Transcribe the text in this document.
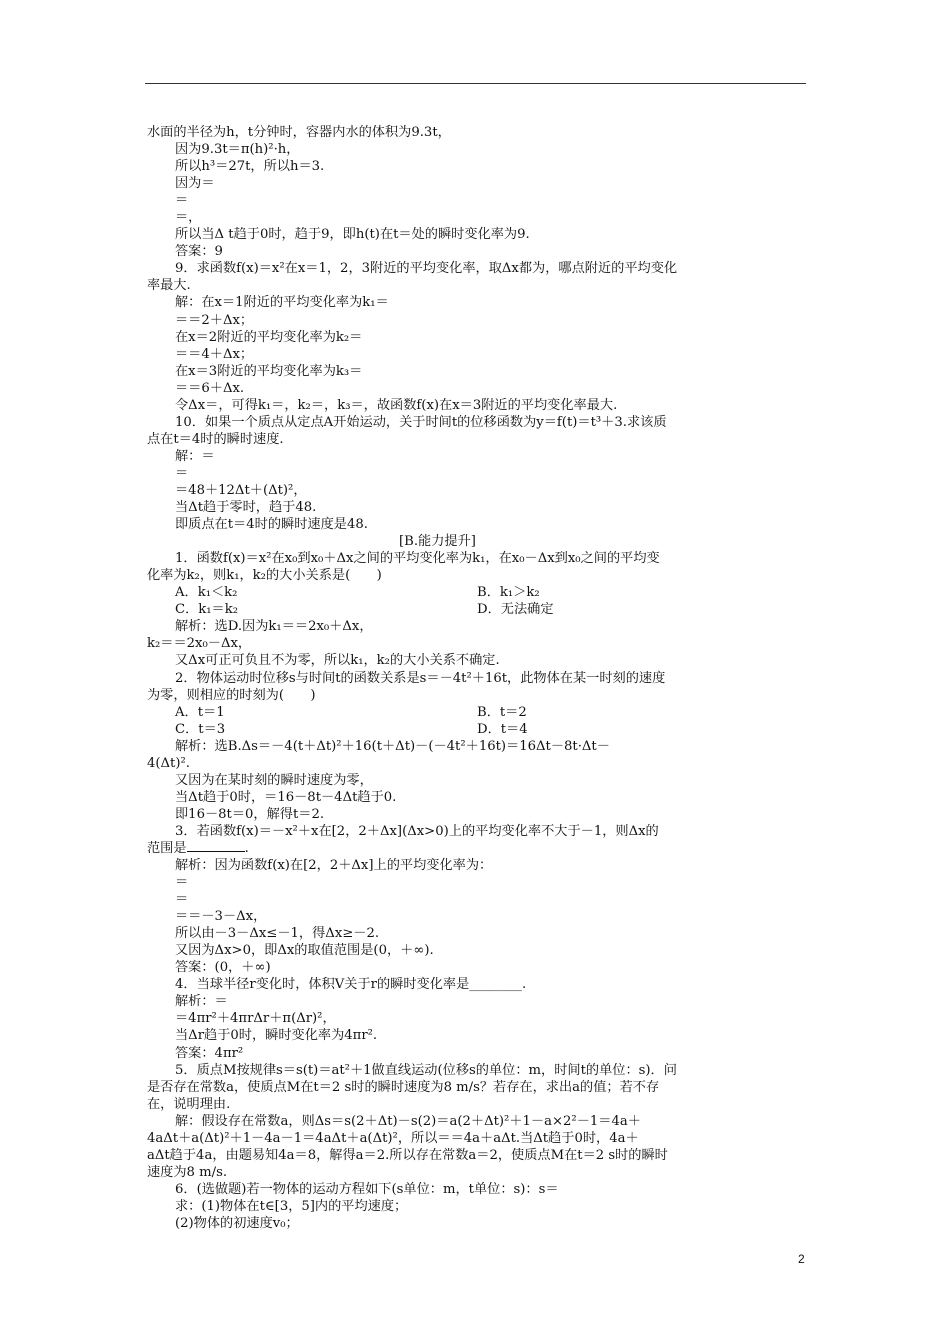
水面的半径为h，t分钟时，容器内水的体积为9.3t，
因为9.3t＝π(h)²·h，
所以h³＝27t，所以h＝3.
因为＝
＝
＝，
所以当Δ t趋于0时，趋于9，即h(t)在t＝处的瞬时变化率为9.
答案：9
9．求函数f(x)＝x²在x＝1，2，3附近的平均变化率，取Δx都为，哪点附近的平均变化
率最大.
解：在x＝1附近的平均变化率为k₁＝
＝＝2＋Δx；
在x＝2附近的平均变化率为k₂＝
＝＝4＋Δx；
在x＝3附近的平均变化率为k₃＝
＝＝6＋Δx.
令Δx＝，可得k₁＝，k₂＝，k₃＝，故函数f(x)在x＝3附近的平均变化率最大.
10．如果一个质点从定点A开始运动，关于时间t的位移函数为y＝f(t)＝t³＋3.求该质
点在t＝4时的瞬时速度.
解：＝
＝
＝48＋12Δt＋(Δt)²，
当Δt趋于零时，趋于48.
即质点在t＝4时的瞬时速度是48.
[B.能力提升]
1．函数f(x)＝x²在x₀到x₀＋Δx之间的平均变化率为k₁，在x₀－Δx到x₀之间的平均变
化率为k₂，则k₁，k₂的大小关系是(　　)
A．k₁＜k₂	B．k₁＞k₂
C．k₁＝k₂	D．无法确定
解析：选D.因为k₁＝＝2x₀＋Δx，
k₂＝＝2x₀－Δx，
又Δx可正可负且不为零，所以k₁，k₂的大小关系不确定.
2．物体运动时位移s与时间t的函数关系是s＝－4t²＋16t，此物体在某一时刻的速度
为零，则相应的时刻为(　　)
A．t＝1	B．t＝2
C．t＝3	D．t＝4
解析：选B.Δs＝－4(t＋Δt)²＋16(t＋Δt)－(－4t²＋16t)＝16Δt－8t·Δt－
4(Δt)².
又因为在某时刻的瞬时速度为零，
当Δt趋于0时，＝16－8t－4Δt趋于0.
即16－8t＝0，解得t＝2.
3．若函数f(x)＝－x²＋x在[2，2＋Δx](Δx>0)上的平均变化率不大于－1，则Δx的
范围是	.
解析：因为函数f(x)在[2，2＋Δx]上的平均变化率为：
＝
＝
＝＝－3－Δx，
所以由－3－Δx≤－1，得Δx≥－2.
又因为Δx>0，即Δx的取值范围是(0，＋∞).
答案：(0，＋∞)
4．当球半径r变化时，体积V关于r的瞬时变化率是________.
解析：＝
＝4πr²＋4πrΔr＋π(Δr)²，
当Δr趋于0时，瞬时变化率为4πr².
答案：4πr²
5．质点M按规律s＝s(t)＝at²＋1做直线运动(位移s的单位：m，时间t的单位：s)．问
是否存在常数a，使质点M在t＝2 s时的瞬时速度为8 m/s？若存在，求出a的值；若不存
在，说明理由.
解：假设存在常数a，则Δs＝s(2＋Δt)－s(2)＝a(2＋Δt)²＋1－a×2²－1＝4a＋
4aΔt＋a(Δt)²＋1－4a－1＝4aΔt＋a(Δt)²，所以＝＝4a＋aΔt.当Δt趋于0时，4a＋
aΔt趋于4a，由题易知4a＝8，解得a＝2.所以存在常数a＝2，使质点M在t＝2 s时的瞬时
速度为8 m/s.
6．(选做题)若一物体的运动方程如下(s单位：m，t单位：s)：s＝
求：(1)物体在t∈[3，5]内的平均速度；
(2)物体的初速度v₀；
2
